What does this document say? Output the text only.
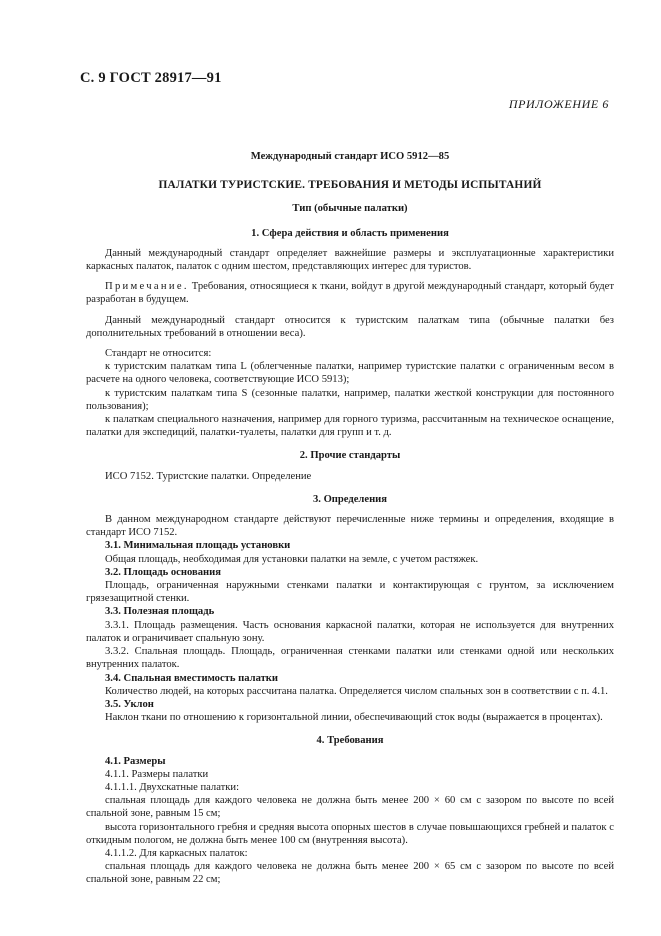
С. 9 ГОСТ 28917—91
ПРИЛОЖЕНИЕ 6
Международный стандарт ИСО 5912—85
ПАЛАТКИ ТУРИСТСКИЕ. ТРЕБОВАНИЯ И МЕТОДЫ ИСПЫТАНИЙ
Тип (обычные палатки)
1. Сфера действия и область применения

Данный международный стандарт определяет важнейшие размеры и эксплуатационные характеристики каркасных палаток, палаток с одним шестом, представляющих интерес для туристов.

Примечание. Требования, относящиеся к ткани, войдут в другой международный стандарт, который будет разработан в будущем.

Данный международный стандарт относится к туристским палаткам типа (обычные палатки без дополнительных требований в отношении веса).

Стандарт не относится:

к туристским палаткам типа L (облегченные палатки, например туристские палатки с ограниченным весом в расчете на одного человека, соответствующие ИСО 5913);

к туристским палаткам типа S (сезонные палатки, например, палатки жесткой конструкции для постоянного пользования);

к палаткам специального назначения, например для горного туризма, рассчитанным на техническое оснащение, палатки для экспедиций, палатки-туалеты, палатки для групп и т. д.

2. Прочие стандарты

ИСО 7152. Туристские палатки. Определение

3. Определения

В данном международном стандарте действуют перечисленные ниже термины и определения, входящие в стандарт ИСО 7152.

3.1. Минимальная площадь установки

Общая площадь, необходимая для установки палатки на земле, с учетом растяжек.

3.2. Площадь основания

Площадь, ограниченная наружными стенками палатки и контактирующая с грунтом, за исключением грязезащитной стенки.

3.3. Полезная площадь

3.3.1. Площадь размещения. Часть основания каркасной палатки, которая не используется для внутренних палаток и ограничивает спальную зону.

3.3.2. Спальная площадь. Площадь, ограниченная стенками палатки или стенками одной или нескольких внутренних палаток.

3.4. Спальная вместимость палатки

Количество людей, на которых рассчитана палатка. Определяется числом спальных зон в соответствии с п. 4.1.

3.5. Уклон

Наклон ткани по отношению к горизонтальной линии, обеспечивающий сток воды (выражается в процентах).

4. Требования

4.1. Размеры

4.1.1. Размеры палатки

4.1.1.1. Двухскатные палатки:

спальная площадь для каждого человека не должна быть менее 200 × 60 см с зазором по высоте по всей спальной зоне, равным 15 см;

высота горизонтального гребня и средняя высота опорных шестов в случае повышающихся гребней и палаток с откидным пологом, не должна быть менее 100 см (внутренняя высота).

4.1.1.2. Для каркасных палаток:

спальная площадь для каждого человека не должна быть менее 200 × 65 см с зазором по высоте по всей спальной зоне, равным 22 см;
